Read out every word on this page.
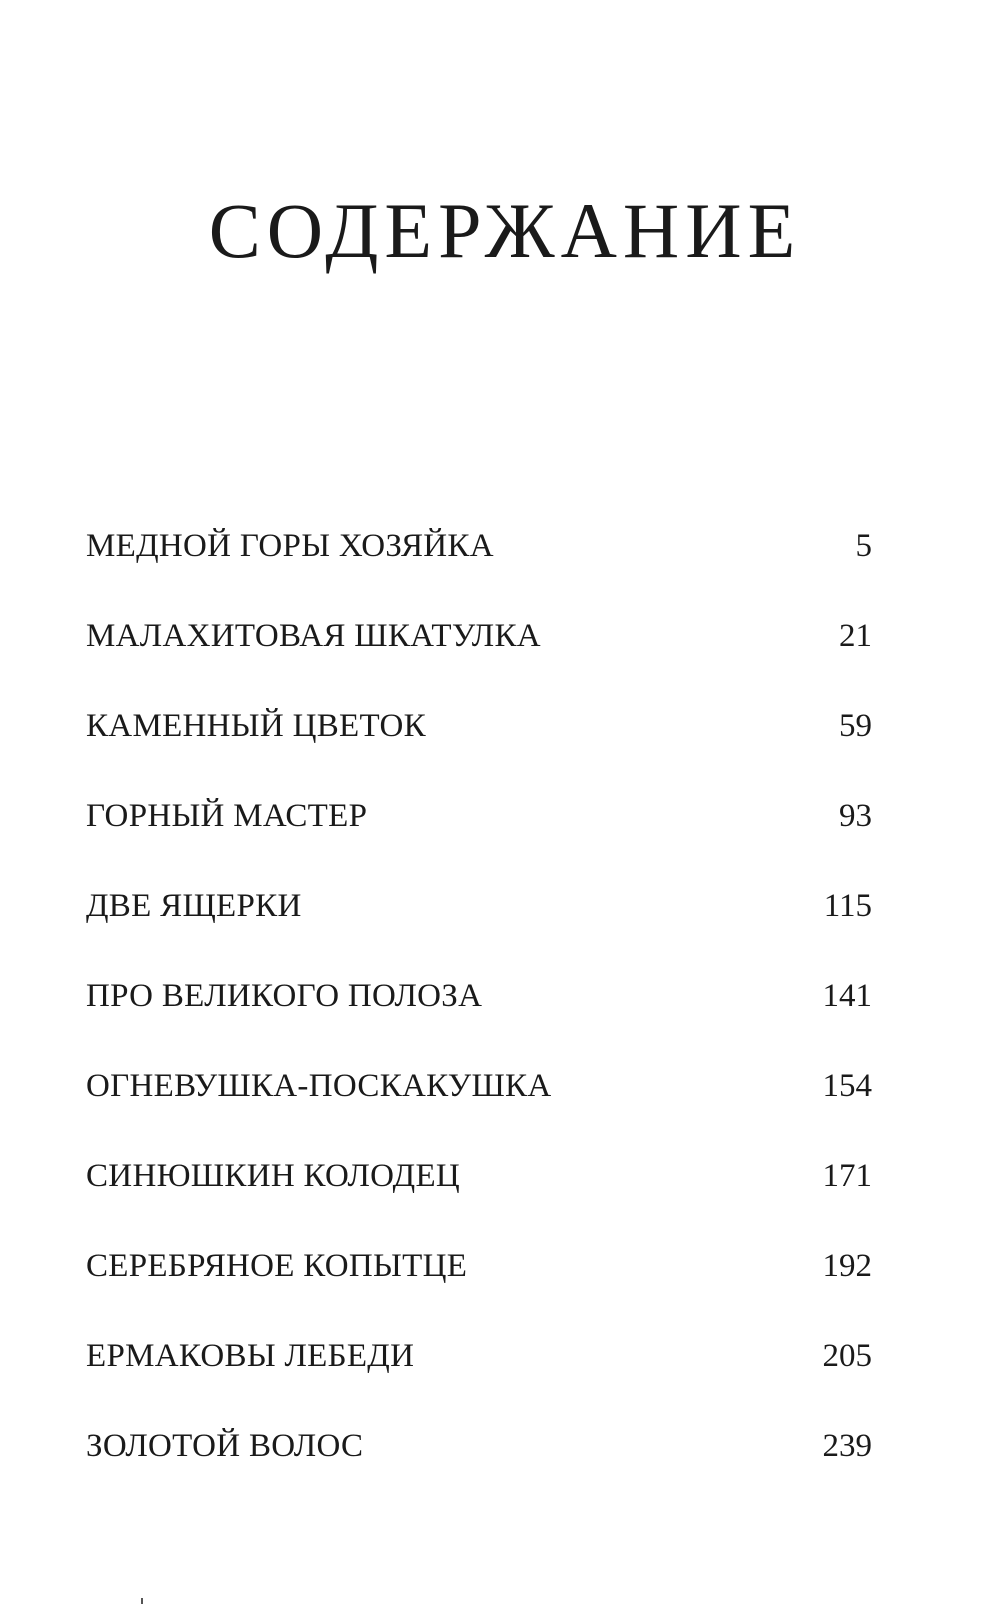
СОДЕРЖАНИЕ
МЕДНОЙ ГОРЫ ХОЗЯЙКА	5
МАЛАХИТОВАЯ ШКАТУЛКА	21
КАМЕННЫЙ ЦВЕТОК	59
ГОРНЫЙ МАСТЕР	93
ДВЕ ЯЩЕРКИ	115
ПРО ВЕЛИКОГО ПОЛОЗА	141
ОГНЕВУШКА-ПОСКАКУШКА	154
СИНЮШКИН КОЛОДЕЦ	171
СЕРЕБРЯНОЕ КОПЫТЦЕ	192
ЕРМАКОВЫ ЛЕБЕДИ	205
ЗОЛОТОЙ ВОЛОС	239
